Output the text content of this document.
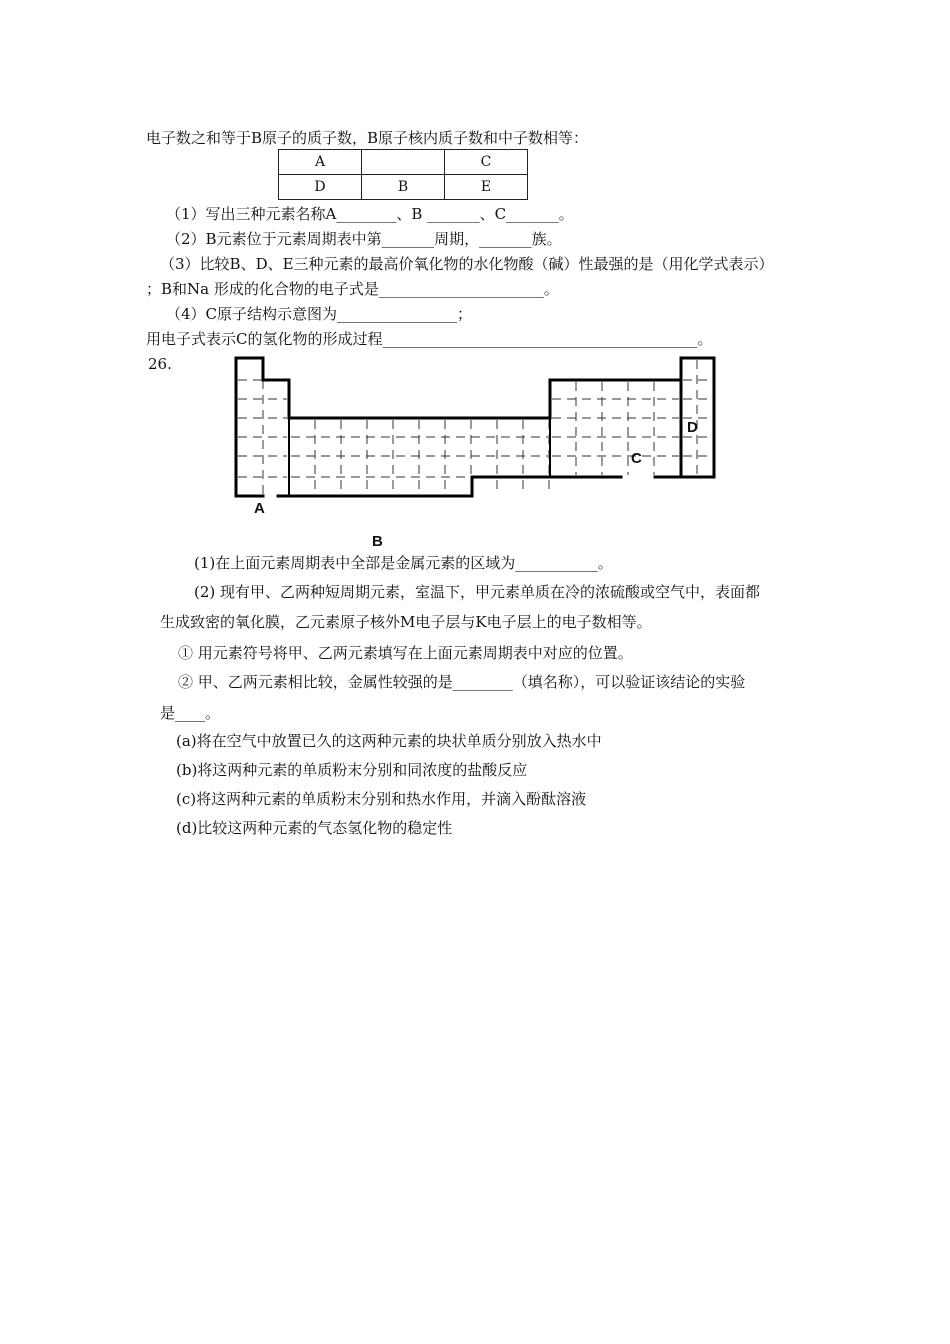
电子数之和等于B原子的质子数，B原子核内质子数和中子数相等：
A		C
D	B	E
（1）写出三种元素名称A________、B _______、C_______。
（2）B元素位于元素周期表中第_______周期，_______族。
（3）比较B、D、E三种元素的最高价氧化物的水化物酸（碱）性最强的是（用化学式表示）
；B和Na 形成的化合物的电子式是______________________。
（4）C原子结构示意图为________________；
用电子式表示C的氢化物的形成过程__________________________________________。
26.
A
B
C
D
(1)在上面元素周期表中全部是金属元素的区域为___________。
(2) 现有甲、乙两种短周期元素，室温下，甲元素单质在冷的浓硫酸或空气中，表面都
生成致密的氧化膜，乙元素原子核外M电子层与K电子层上的电子数相等。
① 用元素符号将甲、乙两元素填写在上面元素周期表中对应的位置。
② 甲、乙两元素相比较，金属性较强的是________（填名称），可以验证该结论的实验
是____。
(a)将在空气中放置已久的这两种元素的块状单质分别放入热水中
(b)将这两种元素的单质粉末分别和同浓度的盐酸反应
(c)将这两种元素的单质粉末分别和热水作用，并滴入酚酞溶液
(d)比较这两种元素的气态氢化物的稳定性
